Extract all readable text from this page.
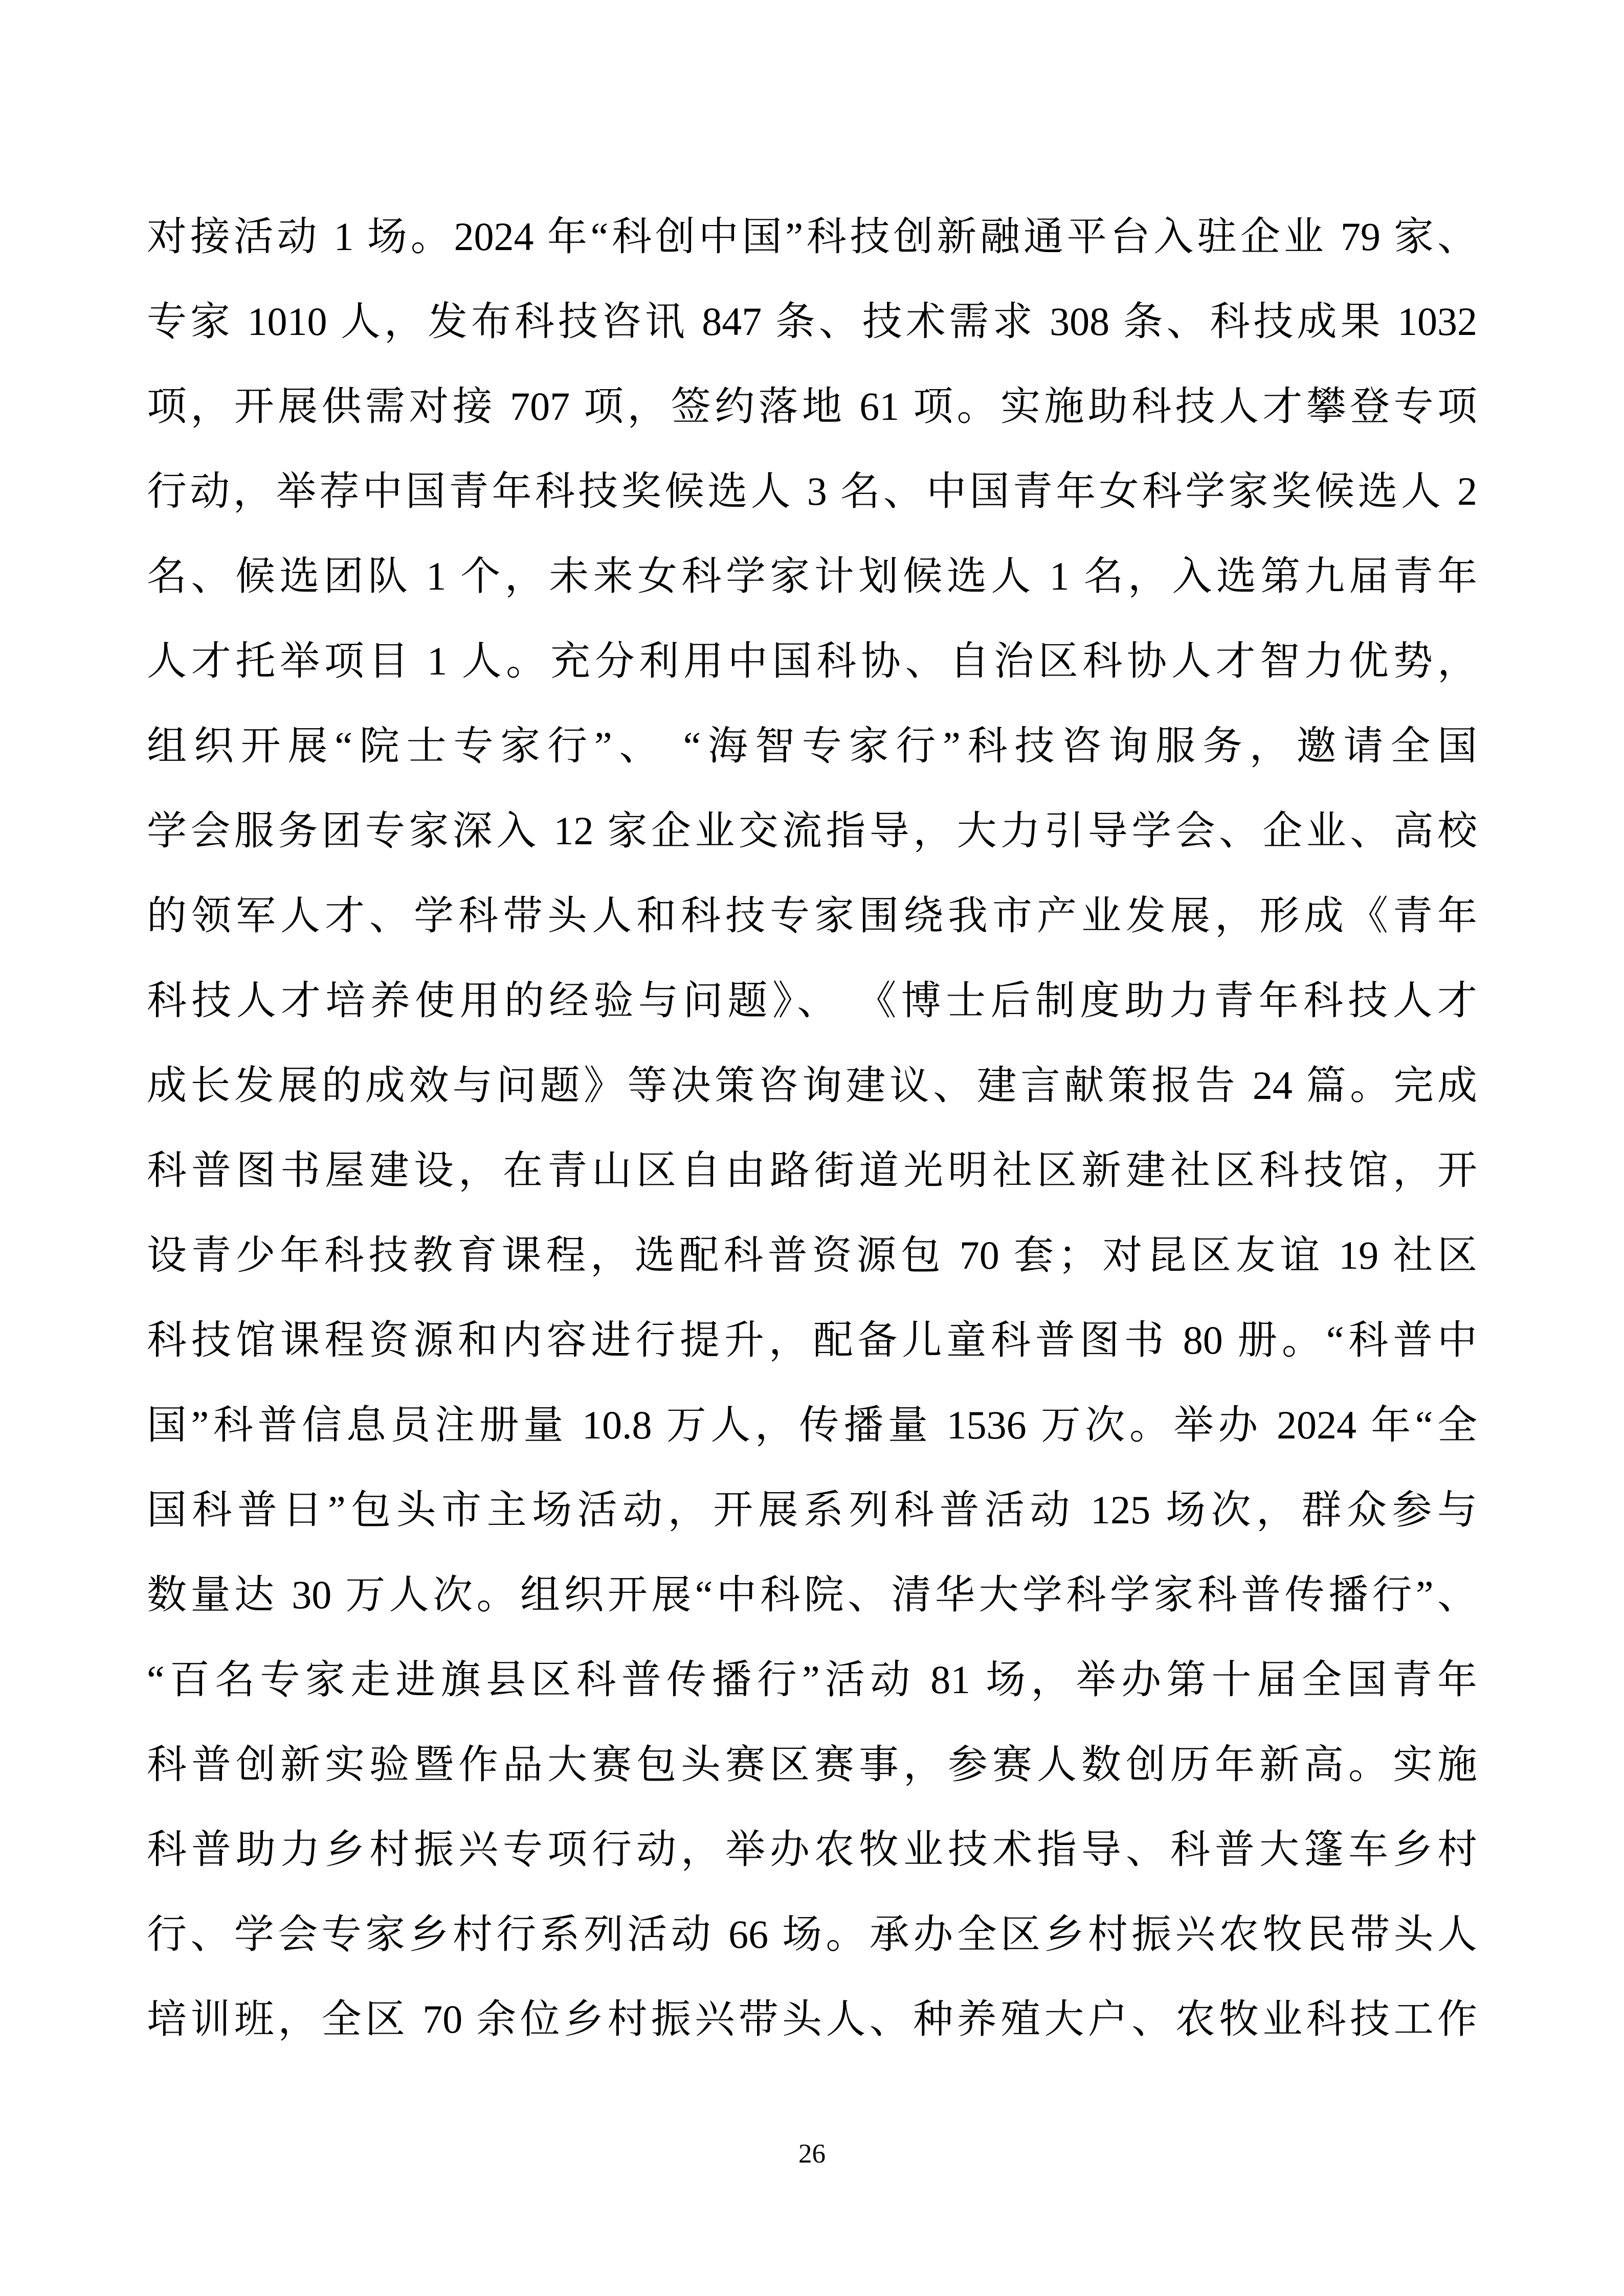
对接活动 1 场。2024 年“科创中国”科技创新融通平台入驻企业 79 家、
专家 1010 人，发布科技咨讯 847 条、技术需求 308 条、科技成果 1032
项，开展供需对接 707 项，签约落地 61 项。实施助科技人才攀登专项
行动，举荐中国青年科技奖候选人 3 名、中国青年女科学家奖候选人 2
名、候选团队 1 个，未来女科学家计划候选人 1 名，入选第九届青年
人才托举项目 1 人。充分利用中国科协、自治区科协人才智力优势，
组织开展“院士专家行”、 “海智专家行”科技咨询服务，邀请全国
学会服务团专家深入 12 家企业交流指导，大力引导学会、企业、高校
的领军人才、学科带头人和科技专家围绕我市产业发展，形成《青年
科技人才培养使用的经验与问题》、 《博士后制度助力青年科技人才
成长发展的成效与问题》等决策咨询建议、建言献策报告 24 篇。完成
科普图书屋建设，在青山区自由路街道光明社区新建社区科技馆，开
设青少年科技教育课程，选配科普资源包 70 套；对昆区友谊 19 社区
科技馆课程资源和内容进行提升，配备儿童科普图书 80 册。“科普中
国”科普信息员注册量 10.8 万人，传播量 1536 万次。举办 2024 年“全
国科普日”包头市主场活动，开展系列科普活动 125 场次，群众参与
数量达 30 万人次。组织开展“中科院、清华大学科学家科普传播行”、
“百名专家走进旗县区科普传播行”活动 81 场，举办第十届全国青年
科普创新实验暨作品大赛包头赛区赛事，参赛人数创历年新高。实施
科普助力乡村振兴专项行动，举办农牧业技术指导、科普大篷车乡村
行、学会专家乡村行系列活动 66 场。承办全区乡村振兴农牧民带头人
培训班，全区 70 余位乡村振兴带头人、种养殖大户、农牧业科技工作
26
